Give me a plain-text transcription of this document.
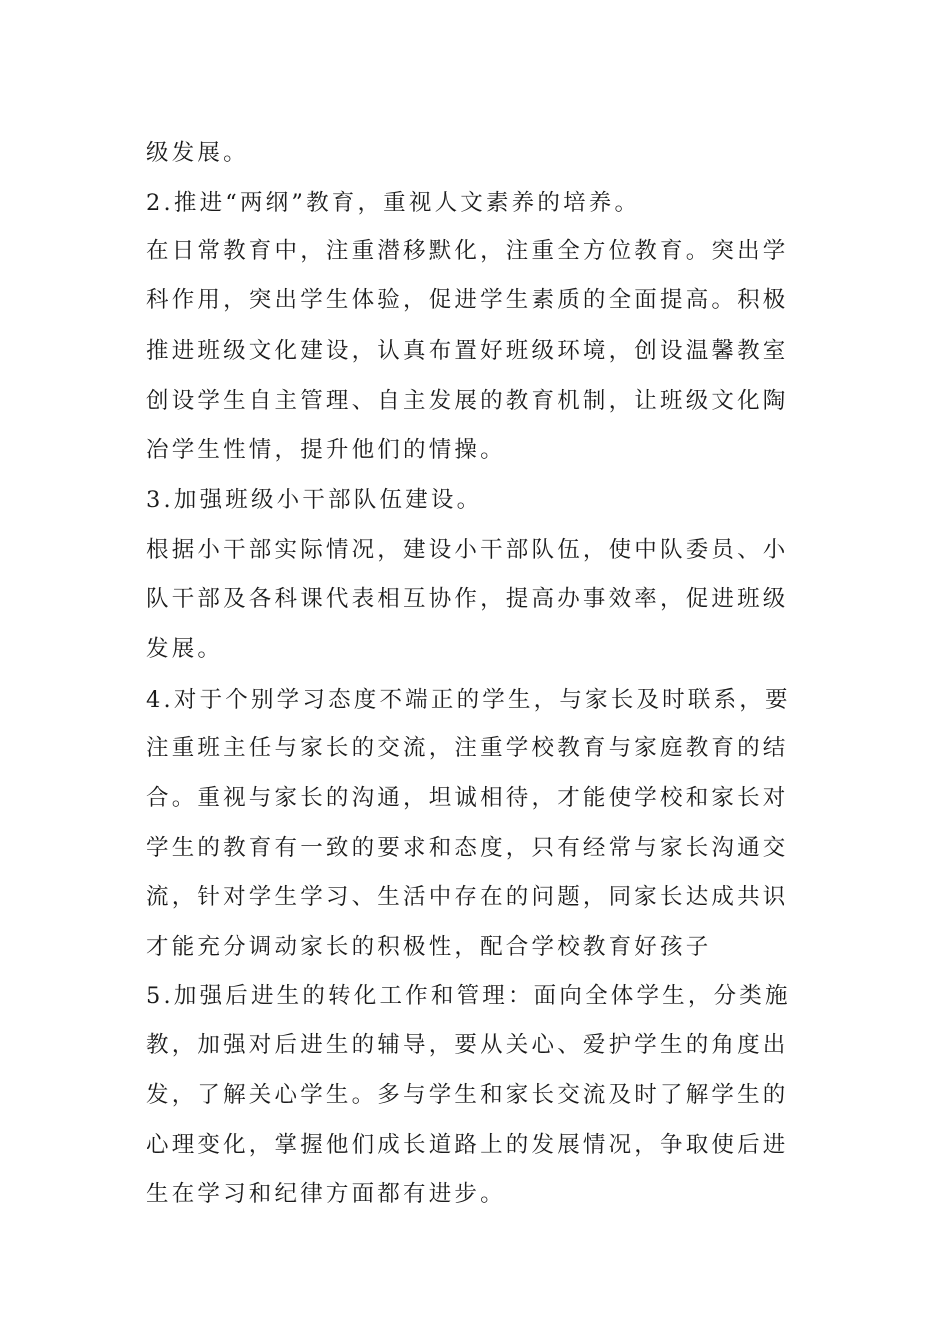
级发展。
2.推进“两纲”教育，重视人文素养的培养。
在日常教育中，注重潜移默化，注重全方位教育。突出学
科作用，突出学生体验，促进学生素质的全面提高。积极
推进班级文化建设，认真布置好班级环境，创设温馨教室
创设学生自主管理、自主发展的教育机制，让班级文化陶
冶学生性情，提升他们的情操。
3.加强班级小干部队伍建设。
根据小干部实际情况，建设小干部队伍，使中队委员、小
队干部及各科课代表相互协作，提高办事效率，促进班级
发展。
4.对于个别学习态度不端正的学生，与家长及时联系，要
注重班主任与家长的交流，注重学校教育与家庭教育的结
合。重视与家长的沟通，坦诚相待，才能使学校和家长对
学生的教育有一致的要求和态度，只有经常与家长沟通交
流，针对学生学习、生活中存在的问题，同家长达成共识
才能充分调动家长的积极性，配合学校教育好孩子
5.加强后进生的转化工作和管理：面向全体学生，分类施
教，加强对后进生的辅导，要从关心、爱护学生的角度出
发，了解关心学生。多与学生和家长交流及时了解学生的
心理变化，掌握他们成长道路上的发展情况，争取使后进
生在学习和纪律方面都有进步。
